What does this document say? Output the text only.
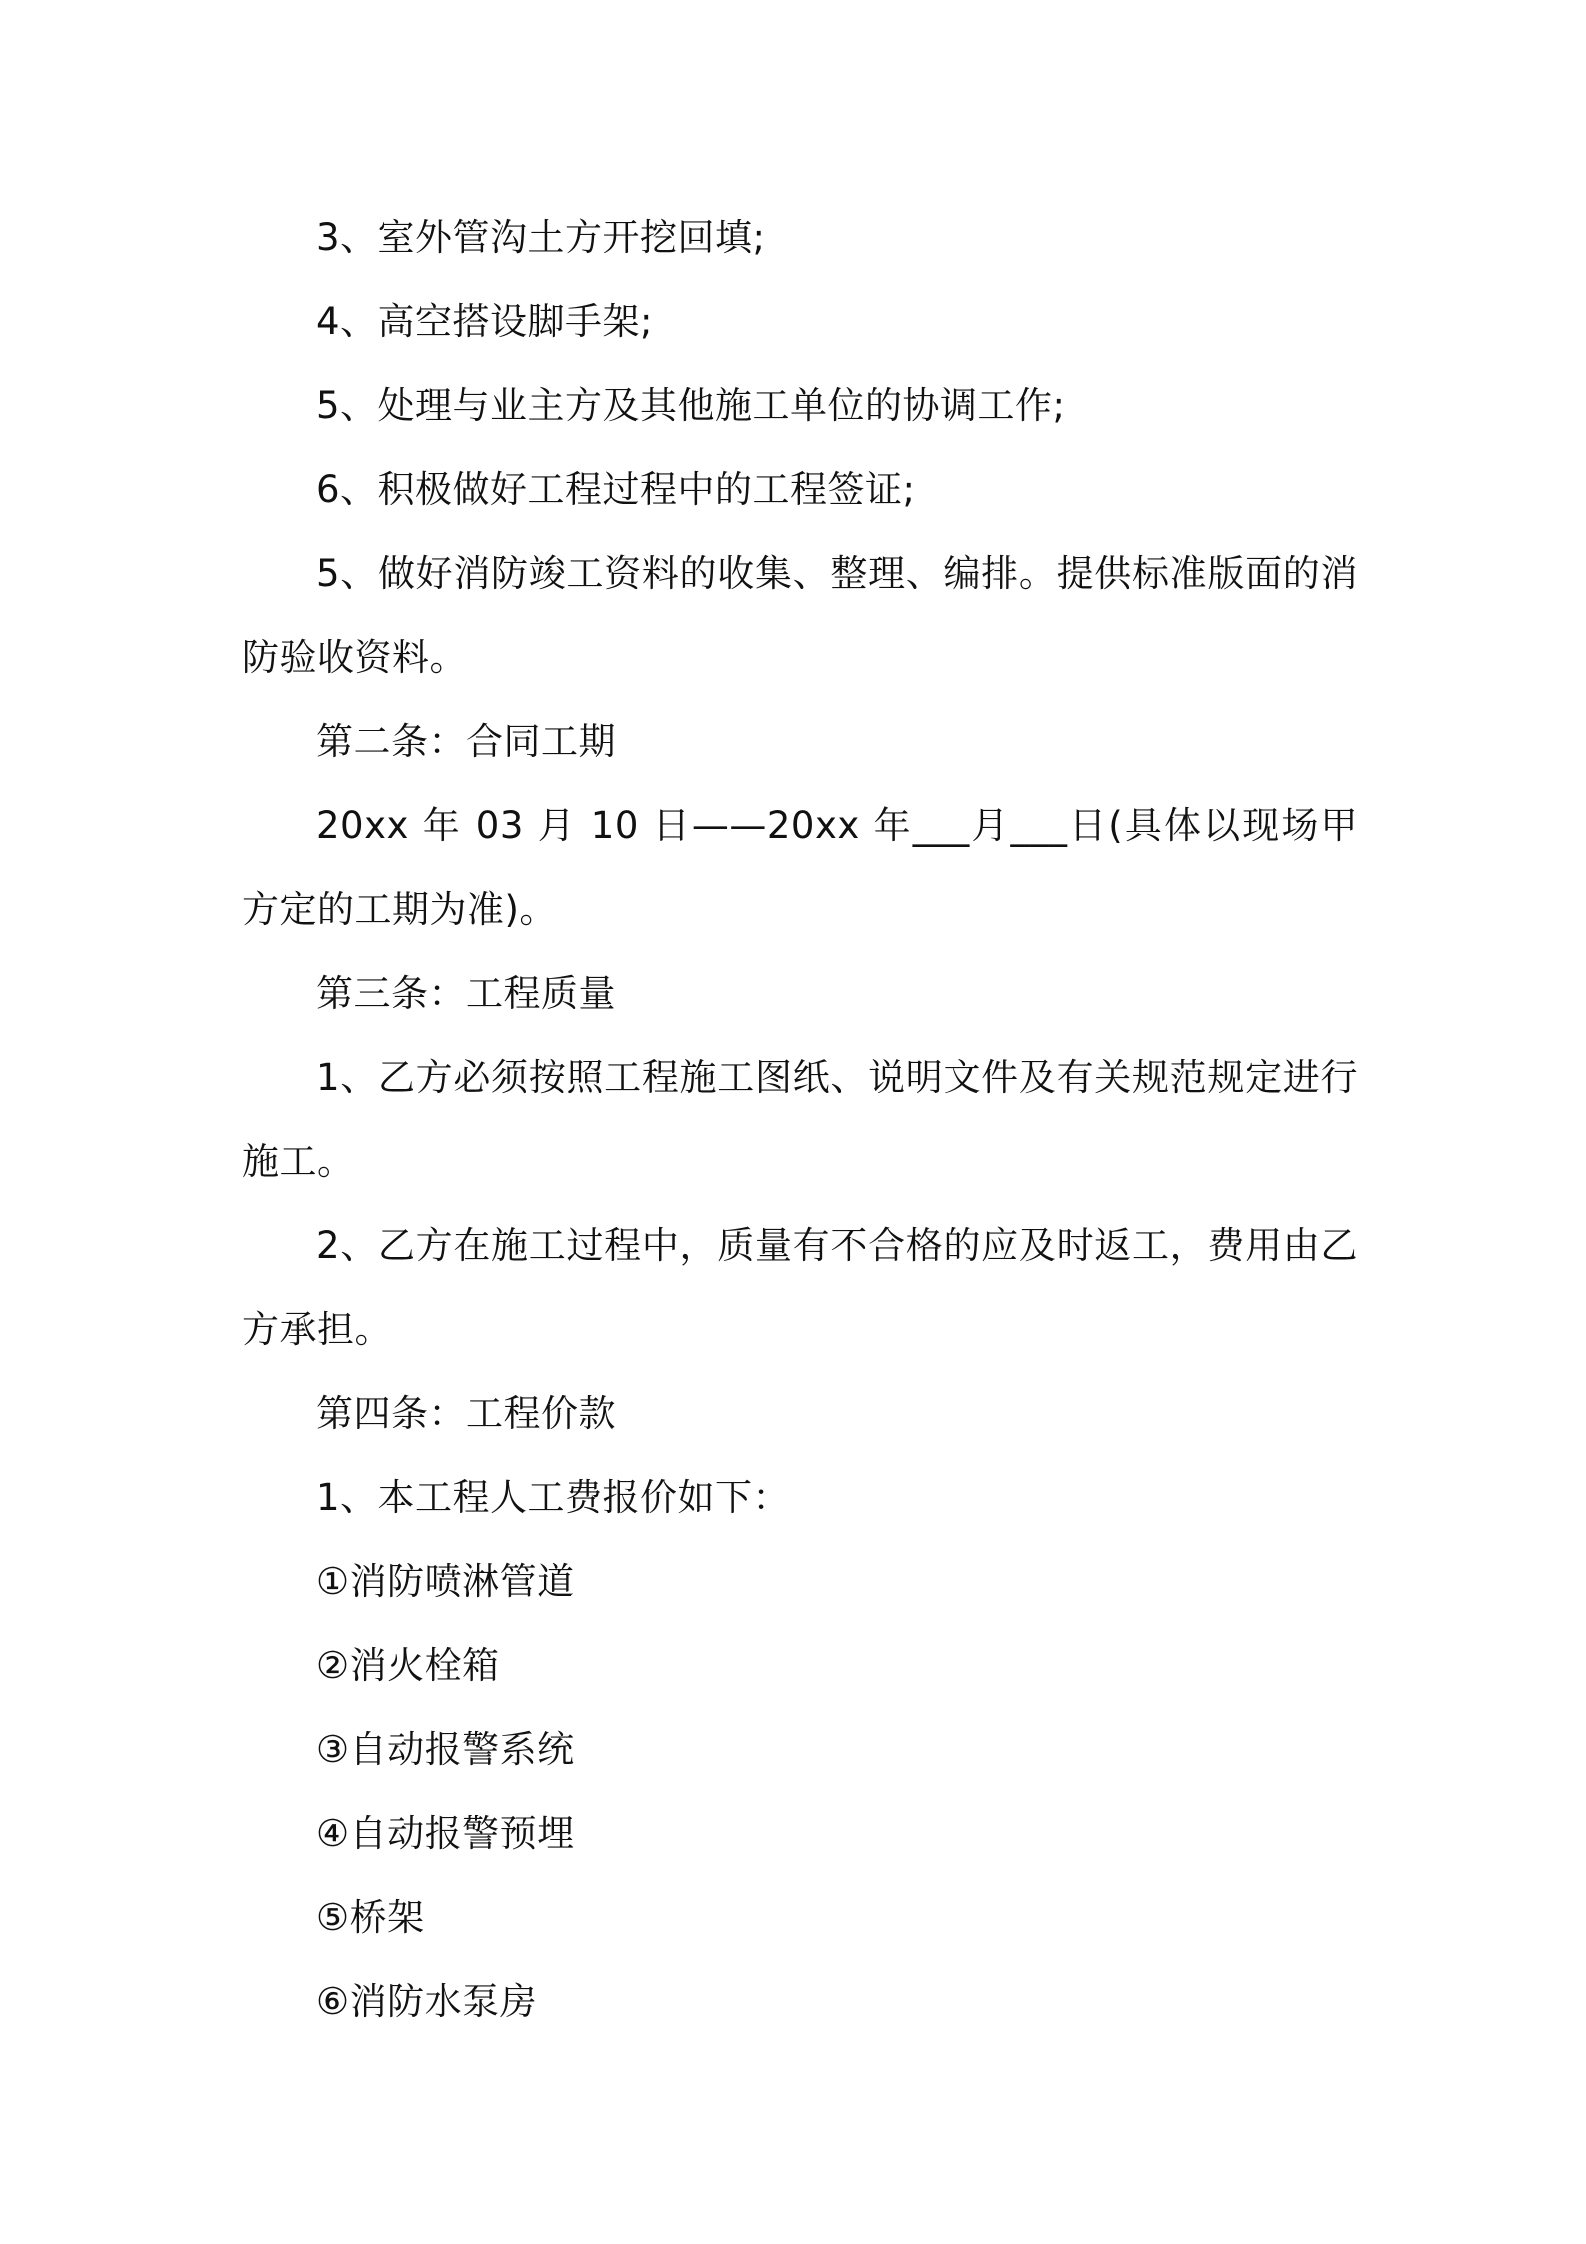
3、室外管沟土方开挖回填;

4、高空搭设脚手架;

5、处理与业主方及其他施工单位的协调工作;

6、积极做好工程过程中的工程签证;

5、做好消防竣工资料的收集、整理、编排。提供标准版面的消防验收资料。

第二条：合同工期

20xx 年 03 月 10 日——20xx 年___月___日(具体以现场甲方定的工期为准)。

第三条：工程质量

1、乙方必须按照工程施工图纸、说明文件及有关规范规定进行施工。

2、乙方在施工过程中，质量有不合格的应及时返工，费用由乙方承担。

第四条：工程价款

1、本工程人工费报价如下：

①消防喷淋管道

②消火栓箱

③自动报警系统

④自动报警预埋

⑤桥架

⑥消防水泵房
